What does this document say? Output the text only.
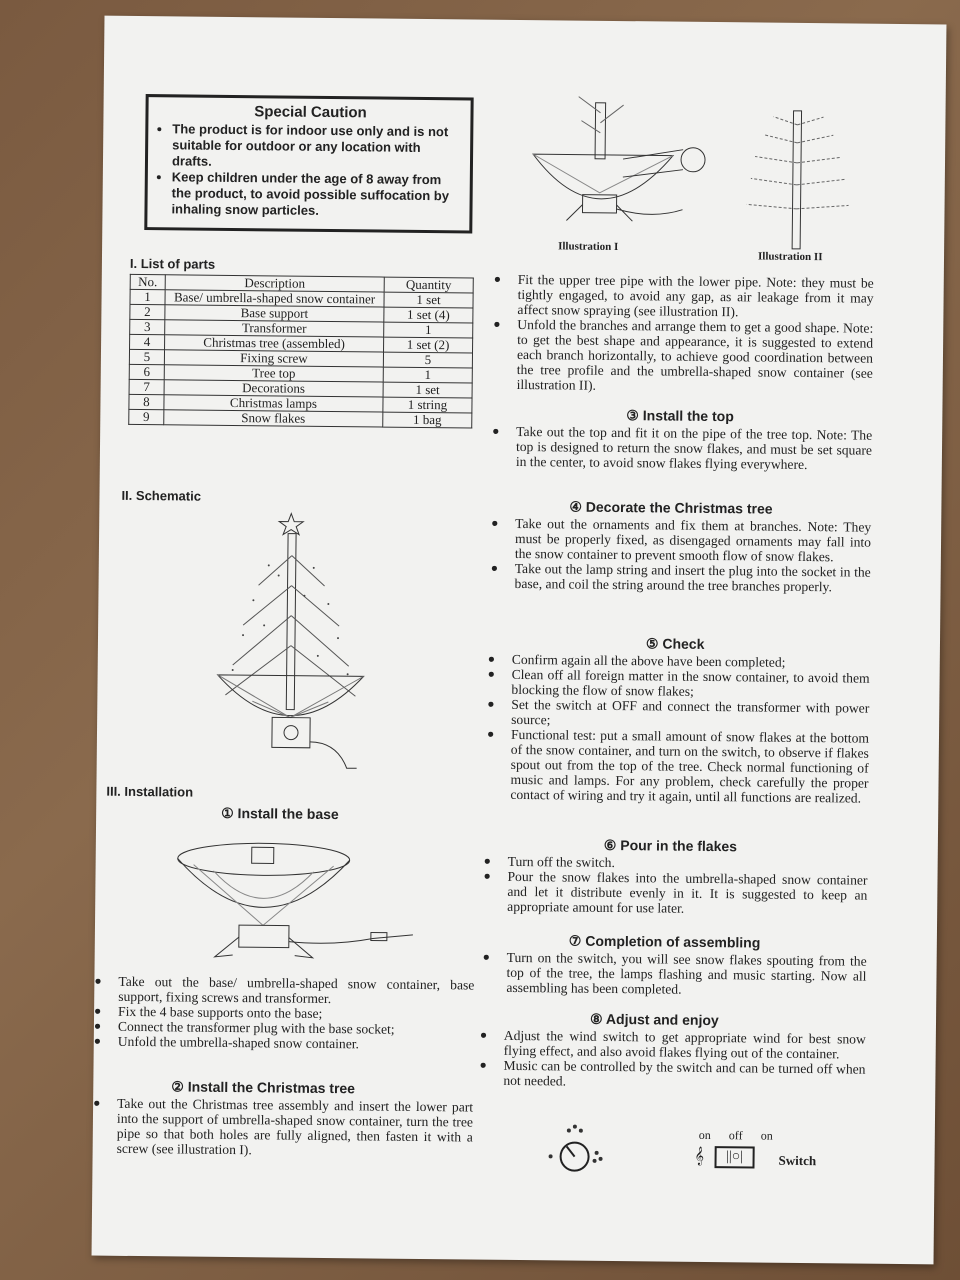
Special Caution
• The product is for indoor use only and is not suitable for outdoor or any location with drafts.
• Keep children under the age of 8 away from the product, to avoid possible suffocation by inhaling snow particles.
I. List of parts
No.	Description	Quantity
1	Base/ umbrella-shaped snow container	1 set
2	Base support	1 set (4)
3	Transformer	1
4	Christmas tree (assembled)	1 set (2)
5	Fixing screw	5
6	Tree top	1
7	Decorations	1 set
8	Christmas lamps	1 string
9	Snow flakes	1 bag
II. Schematic
III. Installation
① Install the base
● Take out the base/ umbrella-shaped snow container, base support, fixing screws and transformer.
● Fix the 4 base supports onto the base;
● Connect the transformer plug with the base socket;
● Unfold the umbrella-shaped snow container.
② Install the Christmas tree
● Take out the Christmas tree assembly and insert the lower part into the support of umbrella-shaped snow container, turn the tree pipe so that both holes are fully aligned, then fasten it with a screw (see illustration I).
Illustration I
Illustration II
● Fit the upper tree pipe with the lower pipe. Note: they must be tightly engaged, to avoid any gap, as air leakage from it may affect snow spraying (see illustration II).
● Unfold the branches and arrange them to get a good shape. Note: to get the best shape and appearance, it is suggested to extend each branch horizontally, to achieve good coordination between the tree profile and the umbrella-shaped snow container (see illustration II).
③ Install the top
● Take out the top and fit it on the pipe of the tree top. Note: The top is designed to return the snow flakes, and must be set square in the center, to avoid snow flakes flying everywhere.
④ Decorate the Christmas tree
● Take out the ornaments and fix them at branches. Note: They must be properly fixed, as disengaged ornaments may fall into the snow container to prevent smooth flow of snow flakes.
● Take out the lamp string and insert the plug into the socket in the base, and coil the string around the tree branches properly.
⑤ Check
● Confirm again all the above have been completed;
● Clean off all foreign matter in the snow container, to avoid them blocking the flow of snow flakes;
● Set the switch at OFF and connect the transformer with power source;
● Functional test: put a small amount of snow flakes at the bottom of the snow container, and turn on the switch, to observe if flakes spout out from the top of the tree. Check normal functioning of music and lamps. For any problem, check carefully the proper contact of wiring and try it again, until all functions are realized.
⑥ Pour in the flakes
● Turn off the switch.
● Pour the snow flakes into the umbrella-shaped snow container and let it distribute evenly in it. It is suggested to keep an appropriate amount for use later.
⑦ Completion of assembling
● Turn on the switch, you will see snow flakes spouting from the top of the tree, the lamps flashing and music starting. Now all assembling has been completed.
⑧ Adjust and enjoy
● Adjust the wind switch to get appropriate wind for best snow flying effect, and also avoid flakes flying out of the container.
● Music can be controlled by the switch and can be turned off when not needed.
on off on
𝄞	||○|	Switch
